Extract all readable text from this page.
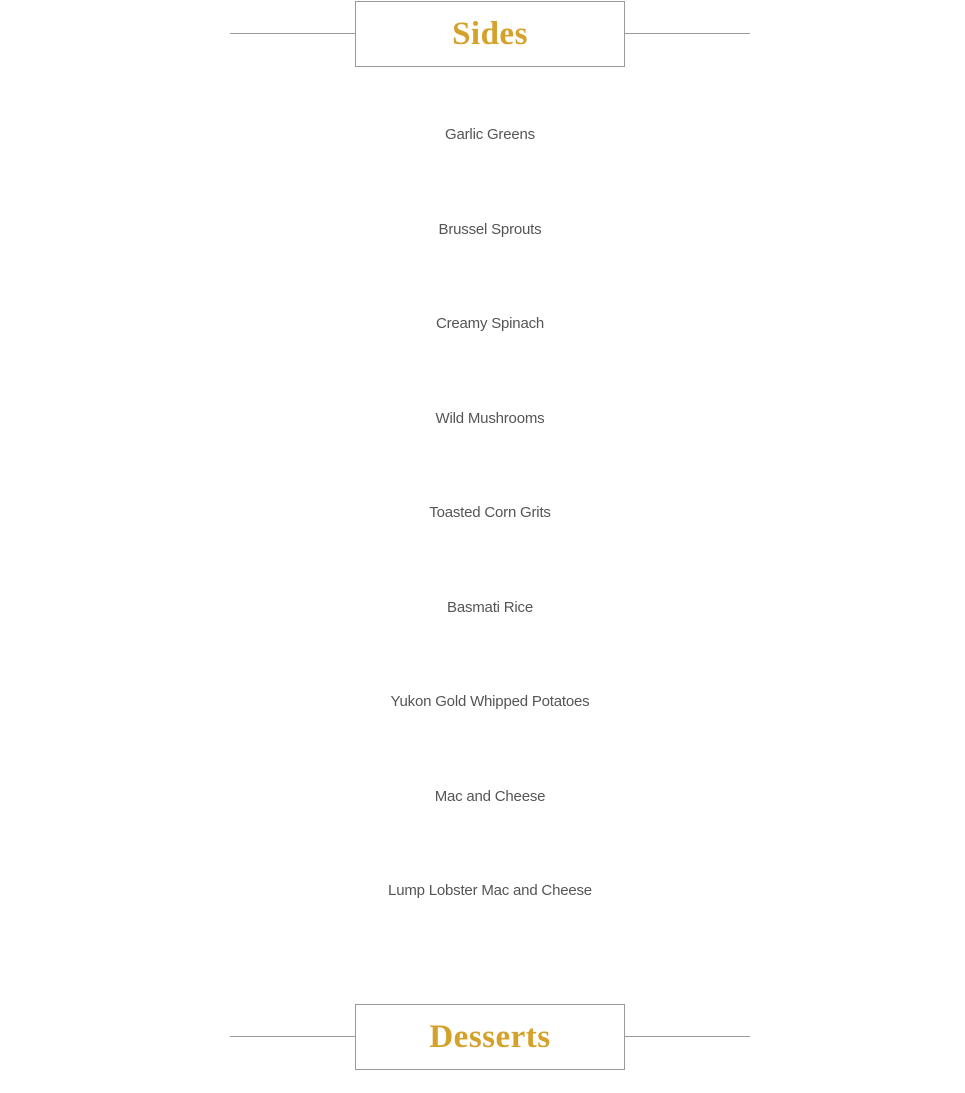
Sides
Garlic Greens
Brussel Sprouts
Creamy Spinach
Wild Mushrooms
Toasted Corn Grits
Basmati Rice
Yukon Gold Whipped Potatoes
Mac and Cheese
Lump Lobster Mac and Cheese
Desserts
